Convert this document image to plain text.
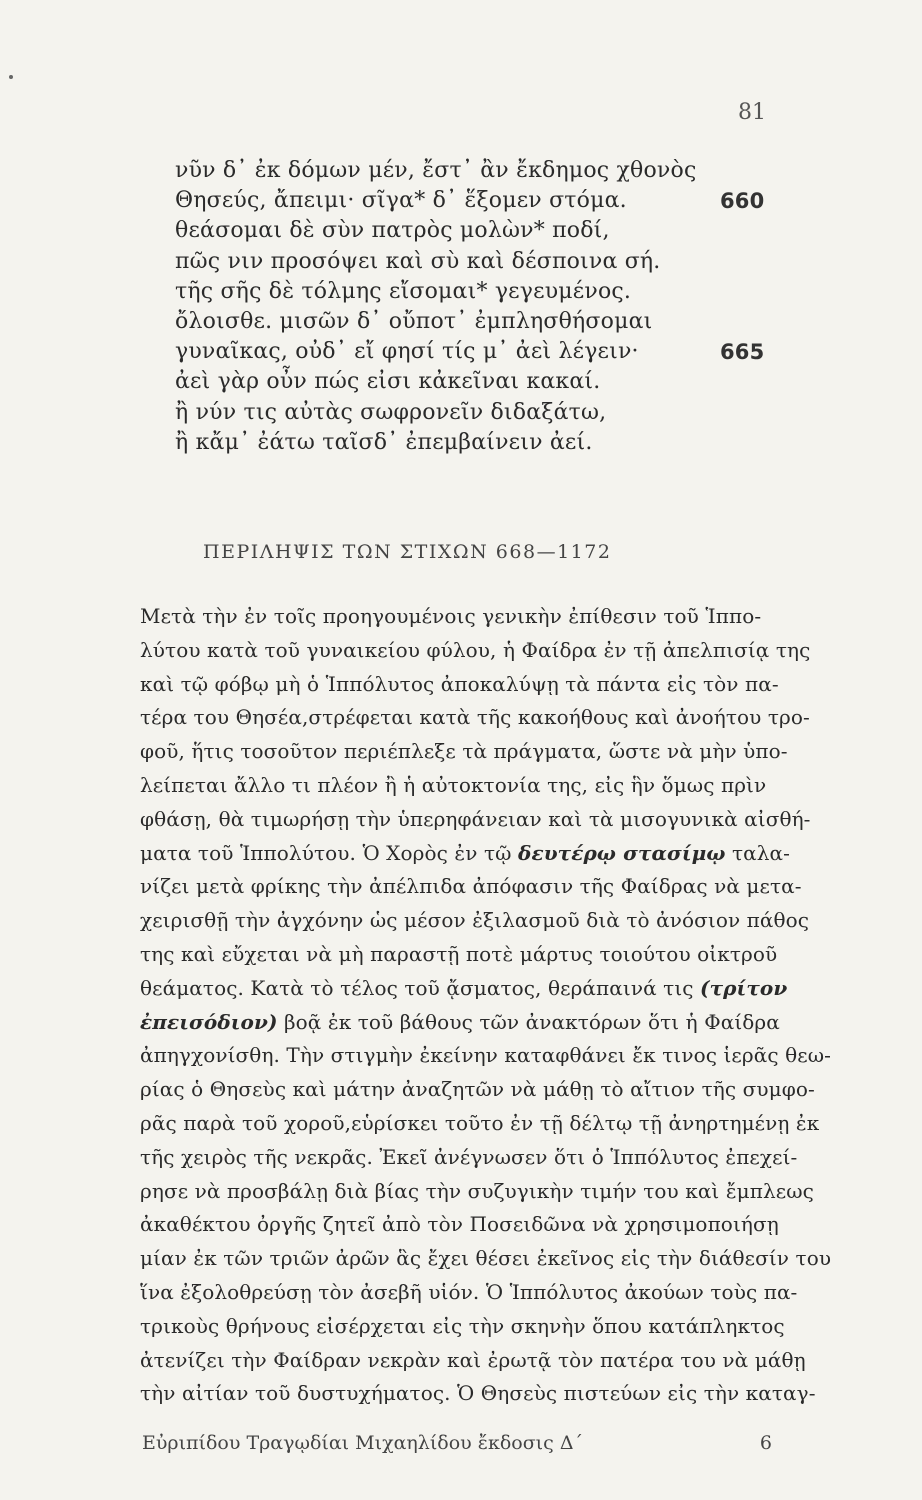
81
νῦν δ᾽ ἐκ δόμων μέν, ἔστ᾽ ἂν ἔκδημος χθονὸς
Θησεύς, ἄπειμι· σῖγα* δ᾽ ἕξομεν στόμα.	660
θεάσομαι δὲ σὺν πατρὸς μολὼν* ποδί,
πῶς νιν προσόψει καὶ σὺ καὶ δέσποινα σή.
τῆς σῆς δὲ τόλμης εἴσομαι* γεγευμένος.
ὄλοισθε. μισῶν δ᾽ οὔποτ᾽ ἐμπλησθήσομαι
γυναῖκας, οὐδ᾽ εἴ φησί τίς μ᾽ ἀεὶ λέγειν·	665
ἀεὶ γὰρ οὖν πώς εἰσι κἀκεῖναι κακαί.
ἢ νύν τις αὐτὰς σωφρονεῖν διδαξάτω,
ἢ κἄμ᾽ ἐάτω ταῖσδ᾽ ἐπεμβαίνειν ἀεί.
ΠΕΡΙΛΗΨΙΣ ΤΩΝ ΣΤΙΧΩΝ 668—1172
Μετὰ τὴν ἐν τοῖς προηγουμένοις γενικὴν ἐπίθεσιν τοῦ Ἱππο-
λύτου κατὰ τοῦ γυναικείου φύλου, ἡ Φαίδρα ἐν τῇ ἀπελπισίᾳ της
καὶ τῷ φόβῳ μὴ ὁ Ἱππόλυτος ἀποκαλύψῃ τὰ πάντα εἰς τὸν πα-
τέρα του Θησέα,στρέφεται κατὰ τῆς κακοήθους καὶ ἀνοήτου τρο-
φοῦ, ἥτις τοσοῦτον περιέπλεξε τὰ πράγματα, ὥστε νὰ μὴν ὑπο-
λείπεται ἄλλο τι πλέον ἢ ἡ αὐτοκτονία της, εἰς ἣν ὅμως πρὶν
φθάσῃ, θὰ τιμωρήσῃ τὴν ὑπερηφάνειαν καὶ τὰ μισογυνικὰ αἰσθή-
ματα τοῦ Ἱππολύτου. Ὁ Χορὸς ἐν τῷ δευτέρῳ στασίμῳ ταλα-
νίζει μετὰ φρίκης τὴν ἀπέλπιδα ἀπόφασιν τῆς Φαίδρας νὰ μετα-
χειρισθῇ τὴν ἀγχόνην ὡς μέσον ἐξιλασμοῦ διὰ τὸ ἀνόσιον πάθος
της καὶ εὔχεται νὰ μὴ παραστῇ ποτὲ μάρτυς τοιούτου οἰκτροῦ
θεάματος. Κατὰ τὸ τέλος τοῦ ᾄσματος, θεράπαινά τις (τρίτον
ἐπεισόδιον) βοᾷ ἐκ τοῦ βάθους τῶν ἀνακτόρων ὅτι ἡ Φαίδρα
ἀπηγχονίσθη. Τὴν στιγμὴν ἐκείνην καταφθάνει ἔκ τινος ἱερᾶς θεω-
ρίας ὁ Θησεὺς καὶ μάτην ἀναζητῶν νὰ μάθῃ τὸ αἴτιον τῆς συμφο-
ρᾶς παρὰ τοῦ χοροῦ,εὑρίσκει τοῦτο ἐν τῇ δέλτῳ τῇ ἀνηρτημένῃ ἐκ
τῆς χειρὸς τῆς νεκρᾶς. Ἐκεῖ ἀνέγνωσεν ὅτι ὁ Ἱππόλυτος ἐπεχεί-
ρησε νὰ προσβάλῃ διὰ βίας τὴν συζυγικὴν τιμήν του καὶ ἔμπλεως
ἀκαθέκτου ὀργῆς ζητεῖ ἀπὸ τὸν Ποσειδῶνα νὰ χρησιμοποιήσῃ
μίαν ἐκ τῶν τριῶν ἀρῶν ἃς ἔχει θέσει ἐκεῖνος εἰς τὴν διάθεσίν του
ἵνα ἐξολοθρεύσῃ τὸν ἀσεβῆ υἱόν. Ὁ Ἱππόλυτος ἀκούων τοὺς πα-
τρικοὺς θρήνους εἰσέρχεται εἰς τὴν σκηνὴν ὅπου κατάπληκτος
ἀτενίζει τὴν Φαίδραν νεκρὰν καὶ ἐρωτᾷ τὸν πατέρα του νὰ μάθῃ
τὴν αἰτίαν τοῦ δυστυχήματος. Ὁ Θησεὺς πιστεύων εἰς τὴν καταγ-
Εὐριπίδου Τραγῳδίαι Μιχαηλίδου ἔκδοσις Δ´	6
